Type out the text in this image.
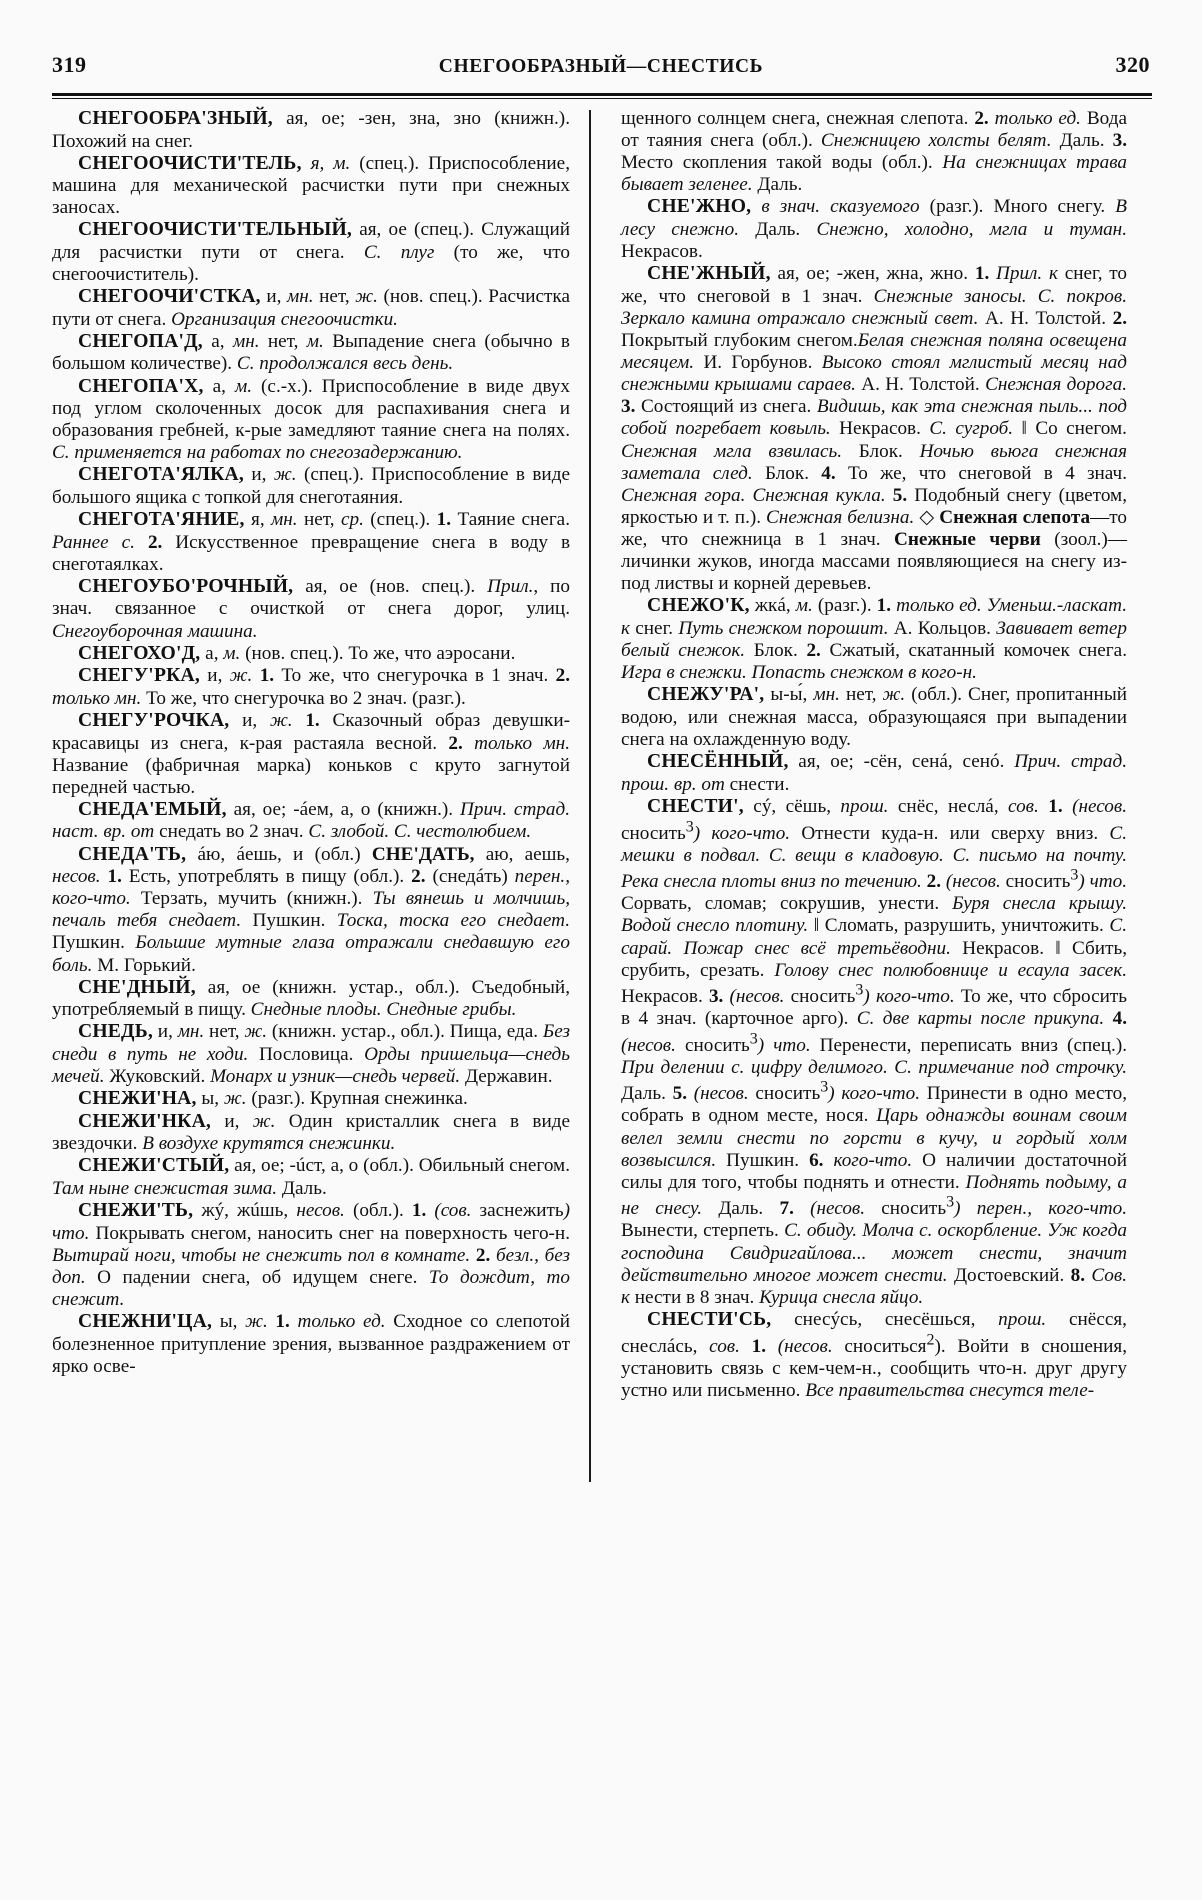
319	СНЕГООБРАЗНЫЙ—СНЕСТИСЬ	320

СНЕГООБРА'ЗНЫЙ, ая, ое; -зен, зна, зно (книжн.). Похожий на снег.

СНЕГООЧИСТИ'ТЕЛЬ, я, м. (спец.). Приспособление, машина для механической расчистки пути при снежных заносах.

СНЕГООЧИСТИ'ТЕЛЬНЫЙ, ая, ое (спец.). Служащий для расчистки пути от снега. С. плуг (то же, что снегоочиститель).

СНЕГООЧИ'СТКА, и, мн. нет, ж. (нов. спец.). Расчистка пути от снега. Организация снегоочистки.

СНЕГОПА'Д, а, мн. нет, м. Выпадение снега (обычно в большом количестве). С. продолжался весь день.

СНЕГОПА'Х, а, м. (с.-х.). Приспособление в виде двух под углом сколоченных досок для распахивания снега и образования гребней, к-рые замедляют таяние снега на полях. С. применяется на работах по снегозадержанию.

СНЕГОТА'ЯЛКА, и, ж. (спец.). Приспособление в виде большого ящика с топкой для снеготаяния.

СНЕГОТА'ЯНИЕ, я, мн. нет, ср. (спец.). 1. Таяние снега. Раннее с. 2. Искусственное превращение снега в воду в снеготаялках.

СНЕГОУБО'РОЧНЫЙ, ая, ое (нов. спец.). Прил., по знач. связанное с очисткой от снега дорог, улиц. Снегоуборочная машина.

СНЕГОХО'Д, а, м. (нов. спец.). То же, что аэросани.

СНЕГУ'РКА, и, ж. 1. То же, что снегурочка в 1 знач. 2. только мн. То же, что снегурочка во 2 знач. (разг.).

СНЕГУ'РОЧКА, и, ж. 1. Сказочный образ девушки-красавицы из снега, к-рая растаяла весной. 2. только мн. Название (фабричная марка) коньков с круто загнутой передней частью.

СНЕДА'ЕМЫЙ, ая, ое; -áем, а, о (книжн.). Прич. страд. наст. вр. от снедать во 2 знач. С. злобой. С. честолюбием.

СНЕДА'ТЬ, áю, áешь, и (обл.) СНЕ'ДАТЬ, аю, аешь, несов. 1. Есть, употреблять в пищу (обл.). 2. (снедáть) перен., кого-что. Терзать, мучить (книжн.). Ты вянешь и молчишь, печаль тебя снедает. Пушкин. Тоска, тоска его снедает. Пушкин. Большие мутные глаза отражали снедавшую его боль. М. Горький.

СНЕ'ДНЫЙ, ая, ое (книжн. устар., обл.). Съедобный, употребляемый в пищу. Снедные плоды. Снедные грибы.

СНЕДЬ, и, мн. нет, ж. (книжн. устар., обл.). Пища, еда. Без снеди в путь не ходи. Пословица. Орды пришельца—снедь мечей. Жуковский. Монарх и узник—снедь червей. Державин.

СНЕЖИ'НА, ы, ж. (разг.). Крупная снежинка.

СНЕЖИ'НКА, и, ж. Один кристаллик снега в виде звездочки. В воздухе крутятся снежинки.

СНЕЖИ'СТЫЙ, ая, ое; -úст, а, о (обл.). Обильный снегом. Там ныне снежистая зима. Даль.

СНЕЖИ'ТЬ, жý, жúшь, несов. (обл.). 1. (сов. заснежить) что. Покрывать снегом, наносить снег на поверхность чего-н. Вытирай ноги, чтобы не снежить пол в комнате. 2. безл., без доп. О падении снега, об идущем снеге. То дождит, то снежит.

СНЕЖНИ'ЦА, ы, ж. 1. только ед. Сходное со слепотой болезненное притупление зрения, вызванное раздражением от ярко осве-

щенного солнцем снега, снежная слепота. 2. только ед. Вода от таяния снега (обл.). Снежницею холсты белят. Даль. 3. Место скопления такой воды (обл.). На снежницах трава бывает зеленее. Даль.

СНЕ'ЖНО, в знач. сказуемого (разг.). Много снегу. В лесу снежно. Даль. Снежно, холодно, мгла и туман. Некрасов.

СНЕ'ЖНЫЙ, ая, ое; -жен, жна, жно. 1. Прил. к снег, то же, что снеговой в 1 знач. Снежные заносы. С. покров. Зеркало камина отражало снежный свет. А. Н. Толстой. 2. Покрытый глубоким снегом.Белая снежная поляна освещена месяцем. И. Горбунов. Высоко стоял мглистый месяц над снежными крышами сараев. А. Н. Толстой. Снежная дорога. 3. Состоящий из снега. Видишь, как эта снежная пыль... под собой погребает ковыль. Некрасов. С. сугроб. ‖ Со снегом. Снежная мгла взвилась. Блок. Ночью вьюга снежная заметала след. Блок. 4. То же, что снеговой в 4 знач. Снежная гора. Снежная кукла. 5. Подобный снегу (цветом, яркостью и т. п.). Снежная белизна. ◇ Снежная слепота—то же, что снежница в 1 знач. Снежные черви (зоол.)—личинки жуков, иногда массами появляющиеся на снегу из-под листвы и корней деревьев.

СНЕЖО'К, жкá, м. (разг.). 1. только ед. Уменьш.-ласкат. к снег. Путь снежком порошит. А. Кольцов. Завивает ветер белый снежок. Блок. 2. Сжатый, скатанный комочек снега. Игра в снежки. Попасть снежком в кого-н.

СНЕЖУ'РА', ы-ы́, мн. нет, ж. (обл.). Снег, пропитанный водою, или снежная масса, образующаяся при выпадении снега на охлажденную воду.

СНЕСЁННЫЙ, ая, ое; -сён, сенá, сенó. Прич. страд. прош. вр. от снести.

СНЕСТИ', сý, сёшь, прош. снёс, неслá, сов. 1. (несов. сносить$^3$) кого-что. Отнести куда-н. или сверху вниз. С. мешки в подвал. С. вещи в кладовую. С. письмо на почту. Река снесла плоты вниз по течению. 2. (несов. сносить$^3$) что. Сорвать, сломав; сокрушив, унести. Буря снесла крышу. Водой снесло плотину. ‖ Сломать, разрушить, уничтожить. С. сарай. Пожар снес всё третьёводни. Некрасов. ‖ Сбить, срубить, срезать. Голову снес полюбовнице и есаула засек. Некрасов. 3. (несов. сносить$^3$) кого-что. То же, что сбросить в 4 знач. (карточное арго). С. две карты после прикупа. 4. (несов. сносить$^3$) что. Перенести, переписать вниз (спец.). При делении с. цифру делимого. С. примечание под строчку. Даль. 5. (несов. сносить$^3$) кого-что. Принести в одно место, собрать в одном месте, нося. Царь однажды воинам своим велел земли снести по горсти в кучу, и гордый холм возвысился. Пушкин. 6. кого-что. О наличии достаточной силы для того, чтобы поднять и отнести. Поднять подыму, а не снесу. Даль. 7. (несов. сносить$^3$) перен., кого-что. Вынести, стерпеть. С. обиду. Молча с. оскорбление. Уж когда господина Свидригайлова... может снести, значит действительно многое может снести. Достоевский. 8. Сов. к нести в 8 знач. Курица снесла яйцо.

СНЕСТИ'СЬ, снесýсь, снесёшься, прош. снёсся, снеслáсь, сов. 1. (несов. сноситься$^2$). Войти в сношения, установить связь с кем-чем-н., сообщить что-н. друг другу устно или письменно. Все правительства снесутся теле-
